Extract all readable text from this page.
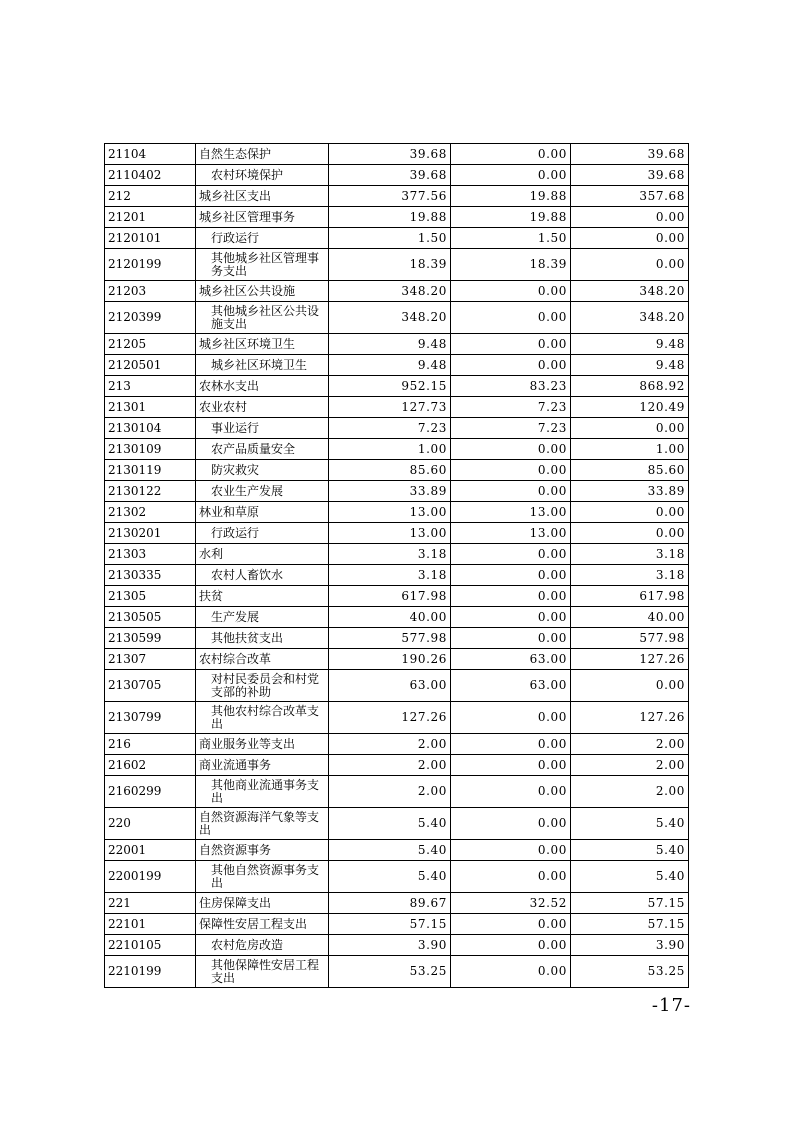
21104	自然生态保护	39.68	0.00	39.68
2110402	农村环境保护	39.68	0.00	39.68
212	城乡社区支出	377.56	19.88	357.68
21201	城乡社区管理事务	19.88	19.88	0.00
2120101	行政运行	1.50	1.50	0.00
2120199	其他城乡社区管理事务支出	18.39	18.39	0.00
21203	城乡社区公共设施	348.20	0.00	348.20
2120399	其他城乡社区公共设施支出	348.20	0.00	348.20
21205	城乡社区环境卫生	9.48	0.00	9.48
2120501	城乡社区环境卫生	9.48	0.00	9.48
213	农林水支出	952.15	83.23	868.92
21301	农业农村	127.73	7.23	120.49
2130104	事业运行	7.23	7.23	0.00
2130109	农产品质量安全	1.00	0.00	1.00
2130119	防灾救灾	85.60	0.00	85.60
2130122	农业生产发展	33.89	0.00	33.89
21302	林业和草原	13.00	13.00	0.00
2130201	行政运行	13.00	13.00	0.00
21303	水利	3.18	0.00	3.18
2130335	农村人畜饮水	3.18	0.00	3.18
21305	扶贫	617.98	0.00	617.98
2130505	生产发展	40.00	0.00	40.00
2130599	其他扶贫支出	577.98	0.00	577.98
21307	农村综合改革	190.26	63.00	127.26
2130705	对村民委员会和村党支部的补助	63.00	63.00	0.00
2130799	其他农村综合改革支出	127.26	0.00	127.26
216	商业服务业等支出	2.00	0.00	2.00
21602	商业流通事务	2.00	0.00	2.00
2160299	其他商业流通事务支出	2.00	0.00	2.00
220	自然资源海洋气象等支出	5.40	0.00	5.40
22001	自然资源事务	5.40	0.00	5.40
2200199	其他自然资源事务支出	5.40	0.00	5.40
221	住房保障支出	89.67	32.52	57.15
22101	保障性安居工程支出	57.15	0.00	57.15
2210105	农村危房改造	3.90	0.00	3.90
2210199	其他保障性安居工程支出	53.25	0.00	53.25
-17-
